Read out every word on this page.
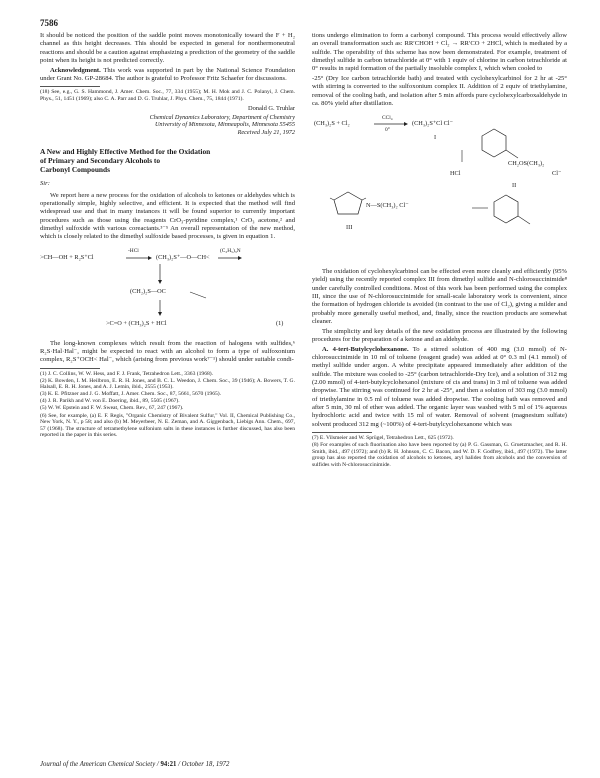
7586

It should be noticed the position of the saddle point moves monotonically toward the F + H₂ channel as this height decreases. This should be expected in general for nonthermoneutral reactions and should be a caution against emphasizing a prediction of the geometry of the saddle point when its height is not predicted correctly.

Acknowledgment. This work was supported in part by the National Science Foundation under Grant No. GP-28684. The author is grateful to Professor Fritz Schaefer for discussions.

(18) See, e.g., G. S. Hammond, J. Amer. Chem. Soc., 77, 334 (1955); M. H. Mok and J. C. Polanyi, J. Chem. Phys., 51, 1451 (1969); also C. A. Parr and D. G. Truhlar, J. Phys. Chem., 75, 1844 (1971).

Donald G. Truhlar
Chemical Dynamics Laboratory, Department of Chemistry
University of Minnesota, Minneapolis, Minnesota 55455
Received July 21, 1972
A New and Highly Effective Method for the Oxidation
of Primary and Secondary Alcohols to
Carbonyl Compounds
Sir:

We report here a new process for the oxidation of alcohols to ketones or aldehydes which is operationally simple, highly selective, and efficient. It is expected that the method will find widespread use and that in many instances it will be found superior to currently important procedures such as those using the reagents CrO₃-pyridine complex,¹ CrO₃ acetone,² and dimethyl sulfoxide with various coreactants.³⁻⁵ An overall representation of the new method, which is closely related to the dimethyl sulfoxide based processes, is given in equation 1.

>CH—OH + R₂S⁺Cl
-HCl
(CH₃)₂S⁺—O—CH<
(C₂H₅)₃N
(CH₂)₂S—OC
>C=O + (CH₃)₂S + HCl	(1)

The long-known complexes which result from the reaction of halogens with sulfides,⁶ R₂S·Hal·Hal⁻, might be expected to react with an alcohol to form a type of sulfoxonium complex, R₂S⁺OCH< Hal⁻, which (arising from previous work⁷⁻¹) should under suitable condi-

(1) J. C. Collins, W. W. Hess, and F. J. Frank, Tetrahedron Lett., 3363 (1968).

(2) K. Bowden, I. M. Heilbron, E. R. H. Jones, and B. C. L. Weedon, J. Chem. Soc., 39 (1946); A. Bowers, T. G. Halsall, E. R. H. Jones, and A. J. Lemin, ibid., 2555 (1953).

(3) K. E. Pfitzner and J. G. Moffatt, J. Amer. Chem. Soc., 87, 5661, 5670 (1965).

(4) J. R. Parikh and W. von E. Doering, ibid., 89, 5505 (1967).

(5) W. W. Epstein and F. W. Sweat, Chem. Rev., 67, 247 (1967).

(6) See, for example, (a) E. F. Regis, "Organic Chemistry of Bivalent Sulfur," Vol. II, Chemical Publishing Co., New York, N. Y., p 58; and also (b) M. Meyerbeer, N. E. Zeman, and A. Giggenbach, Liebigs Ann. Chem., 697, 57 (1968). The structure of tetramethylene sulfonium salts in these instances is further discussed, has also been reported in the paper in this series.

tions undergo elimination to form a carbonyl compound. This process would effectively allow an overall transformation such as: RR′CHOH + Cl₂ → RR′CO + 2HCl, which is mediated by a sulfide. The operability of this scheme has now been demonstrated. For example, treatment of dimethyl sulfide in carbon tetrachloride at 0° with 1 equiv of chlorine in carbon tetrachloride at 0° results in rapid formation of the partially insoluble complex I, which when cooled to

-25° (Dry Ice carbon tetrachloride bath) and treated with cyclohexylcarbinol for 2 hr at -25° with stirring is converted to the sulfoxonium complex II. Addition of 2 equiv of triethylamine, removal of the cooling bath, and isolation after 5 min affords pure cyclohexylcarboxaldehyde in ca. 80% yield after distillation.

(CH₃)₂S + Cl₂
CCl₄
0°
(CH₃)₂S⁺Cl Cl⁻
I
CH₂OS(CH₃)₂
HCl	Cl⁻
II
N—S(CH₃)₂ Cl⁻
III

The oxidation of cyclohexylcarbinol can be effected even more cleanly and efficiently (95% yield) using the recently reported complex III from dimethyl sulfide and N-chlorosuccinimide⁸ under carefully controlled conditions. Most of this work has been performed using the complex III, since the use of N-chlorosuccinimide for small-scale laboratory work is convenient, since the formation of hydrogen chloride is avoided (in contrast to the use of Cl₂), giving a milder and probably more generally useful method, and, finally, since the reaction products are somewhat cleaner.

The simplicity and key details of the new oxidation process are illustrated by the following procedures for the preparation of a ketone and an aldehyde.

A. 4-tert-Butylcyclohexanone. To a stirred solution of 400 mg (3.0 mmol) of N-chlorosuccinimide in 10 ml of toluene (reagent grade) was added at 0° 0.3 ml (4.1 mmol) of methyl sulfide under argon. A white precipitate appeared immediately after addition of the sulfide. The mixture was cooled to -25° (carbon tetrachloride-Dry Ice), and a solution of 312 mg (2.00 mmol) of 4-tert-butylcyclohexanol (mixture of cis and trans) in 3 ml of toluene was added dropwise. The stirring was continued for 2 hr at -25°, and then a solution of 303 mg (3.0 mmol) of triethylamine in 0.5 ml of toluene was added dropwise. The cooling bath was removed and after 5 min, 30 ml of ether was added. The organic layer was washed with 5 ml of 1% aqueous hydrochloric acid and twice with 15 ml of water. Removal of solvent (magnesium sulfate) solvent produced 312 mg (~100%) of 4-tert-butylcyclohexanone which was

(7) E. Vilsmeier and W. Sprügel, Tetrahedron Lett., 625 (1972).

(8) For examples of such fluorination also have been reported by (a) P. G. Gassman, G. Gruetzmacher, and R. H. Smith, ibid., 497 (1972); and (b) R. H. Johnson, C. C. Bacon, and W. D. F. Godfrey, ibid., 497 (1972). The latter group has also reported the oxidation of alcohols to ketones, aryl halides from alcohols and the conversion of sulfides with N-chlorosuccinimide.

Journal of the American Chemical Society / 94:21 / October 18, 1972
